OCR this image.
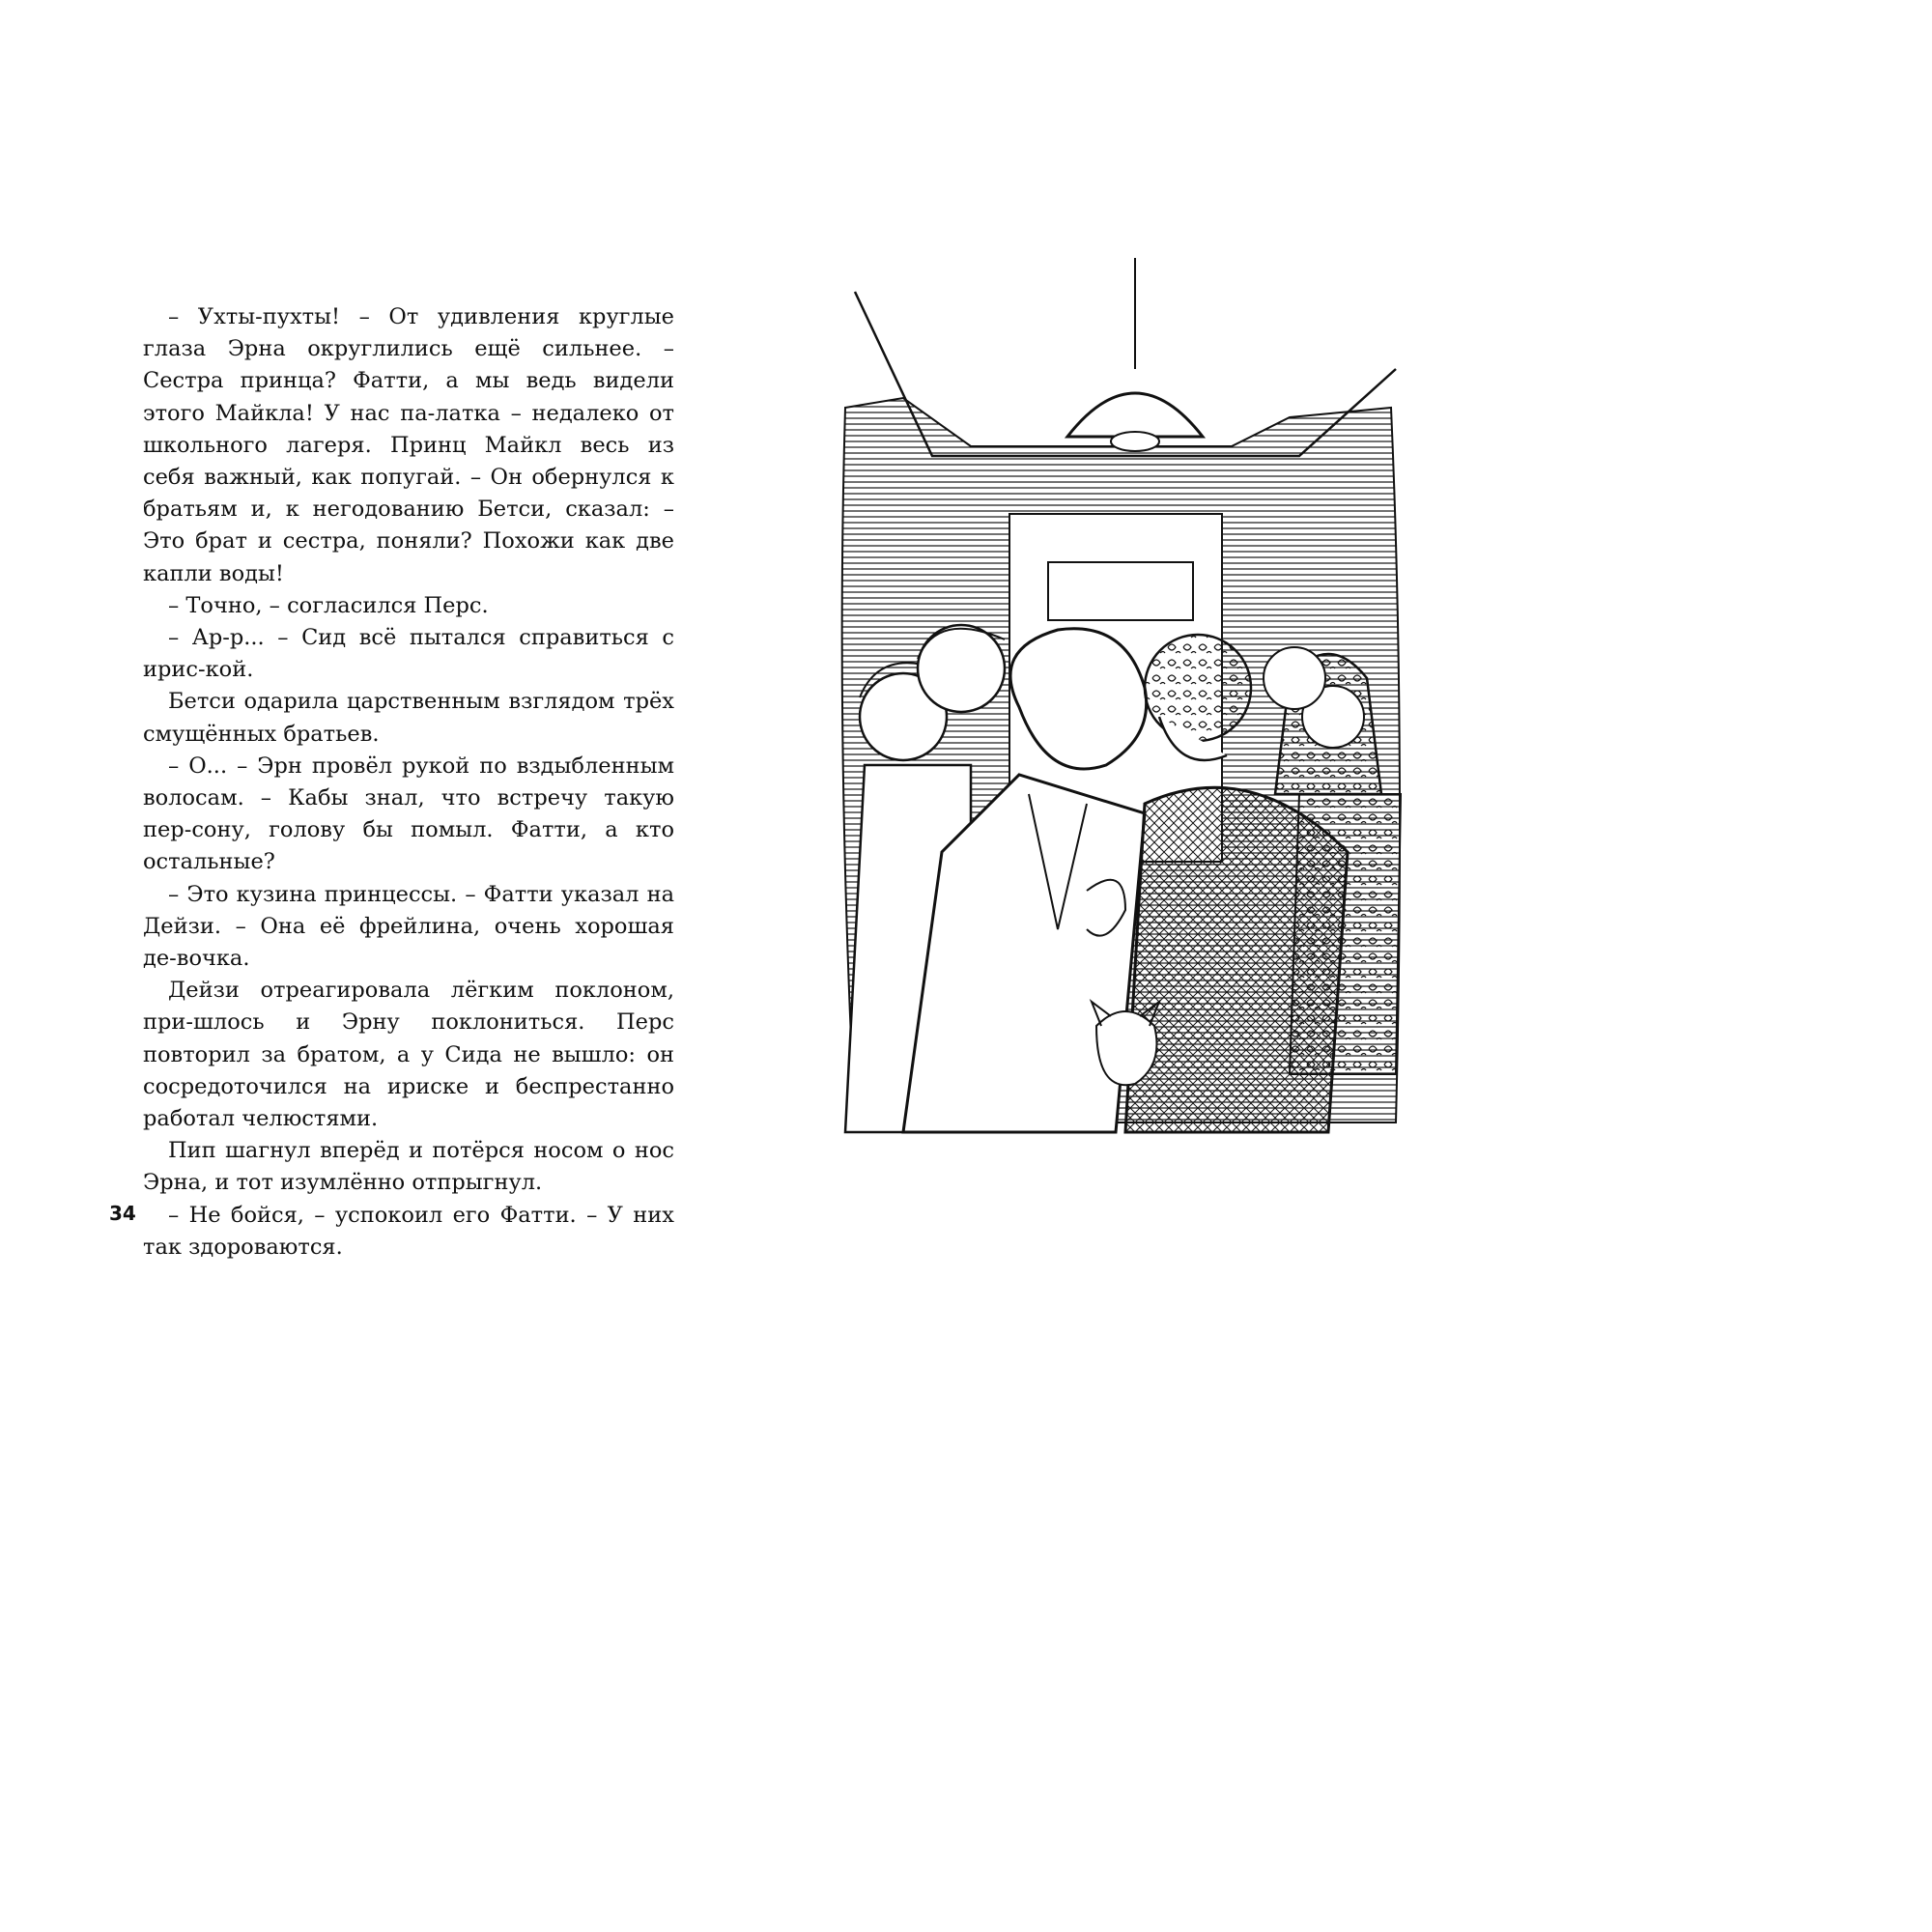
– Ухты-пухты! – От удивления круглые глаза Эрна округлились ещё сильнее. – Сестра принца? Фатти, а мы ведь видели этого Майкла! У нас па-латка – недалеко от школьного лагеря. Принц Майкл весь из себя важный, как попугай. – Он обернулся к братьям и, к негодованию Бетси, сказал: – Это брат и сестра, поняли? Похожи как две капли воды!

– Точно, – согласился Перс.

– Ар-р... – Сид всё пытался справиться с ирис-кой.

Бетси одарила царственным взглядом трёх смущённых братьев.

– О... – Эрн провёл рукой по вздыбленным волосам. – Кабы знал, что встречу такую пер-сону, голову бы помыл. Фатти, а кто остальные?

– Это кузина принцессы. – Фатти указал на Дейзи. – Она её фрейлина, очень хорошая де-вочка.

Дейзи отреагировала лёгким поклоном, при-шлось и Эрну поклониться. Перс повторил за братом, а у Сида не вышло: он сосредоточился на ириске и беспрестанно работал челюстями.

Пип шагнул вперёд и потёрся носом о нос Эрна, и тот изумлённо отпрыгнул.

– Не бойся, – успокоил его Фатти. – У них так здороваются.

34
